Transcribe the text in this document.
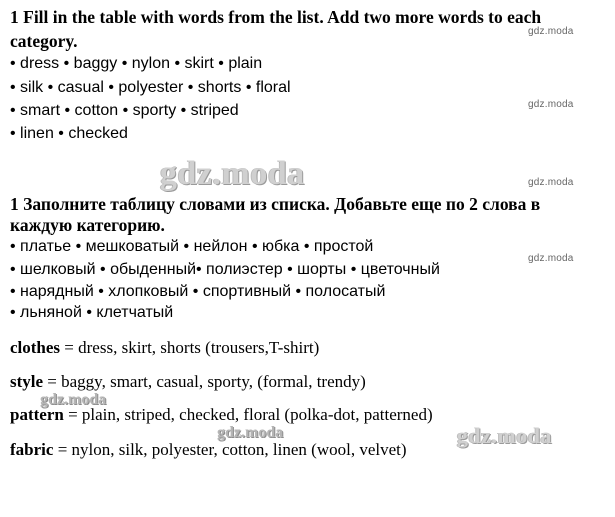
1 Fill in the table with words from the list. Add two more words to each
category.
• dress • baggy • nylon • skirt • plain
• silk • casual • polyester • shorts • floral
• smart • cotton • sporty • striped
• linen • checked
1 Заполните таблицу словами из списка. Добавьте еще по 2 слова в
каждую категорию.
• платье • мешковатый • нейлон • юбка • простой
• шелковый • обыденный• полиэстер • шорты • цветочный
• нарядный • хлопковый • спортивный • полосатый
• льняной • клетчатый
clothes = dress, skirt, shorts (trousers,T-shirt)
style = baggy, smart, casual, sporty, (formal, trendy)
pattern = plain, striped, checked, floral (polka-dot, patterned)
fabric = nylon, silk, polyester, cotton, linen (wool, velvet)
gdz.moda
gdz.moda
gdz.moda
gdz.moda
gdz.moda
gdz.moda
gdz.moda	gdz.moda
